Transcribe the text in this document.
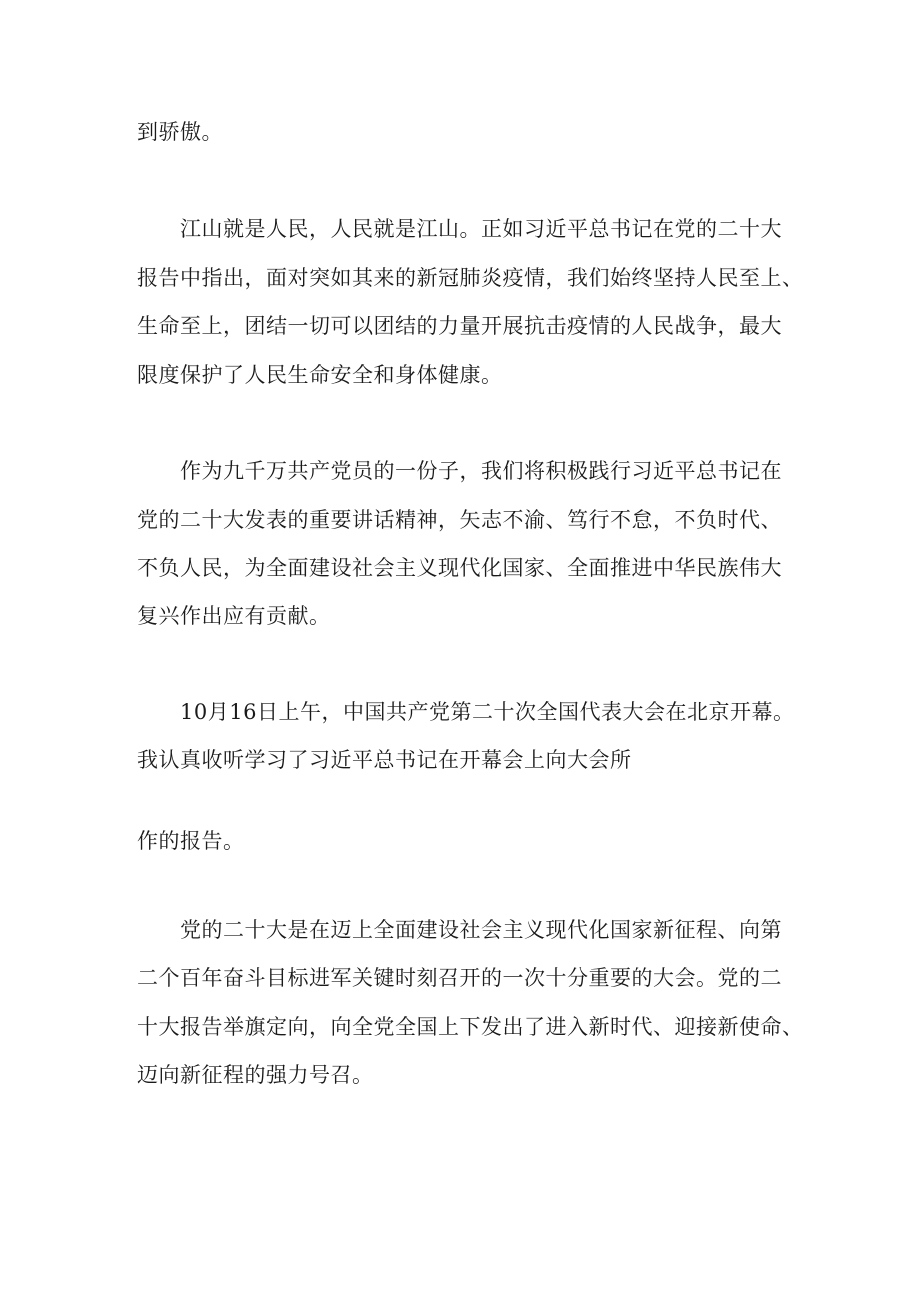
到骄傲。
江山就是人民，人民就是江山。正如习近平总书记在党的二十大
报告中指出，面对突如其来的新冠肺炎疫情，我们始终坚持人民至上、
生命至上，团结一切可以团结的力量开展抗击疫情的人民战争，最大
限度保护了人民生命安全和身体健康。
作为九千万共产党员的一份子，我们将积极践行习近平总书记在
党的二十大发表的重要讲话精神，矢志不渝、笃行不怠，不负时代、
不负人民，为全面建设社会主义现代化国家、全面推进中华民族伟大
复兴作出应有贡献。
10月16日上午，中国共产党第二十次全国代表大会在北京开幕。
我认真收听学习了习近平总书记在开幕会上向大会所
作的报告。
党的二十大是在迈上全面建设社会主义现代化国家新征程、向第
二个百年奋斗目标进军关键时刻召开的一次十分重要的大会。党的二
十大报告举旗定向，向全党全国上下发出了进入新时代、迎接新使命、
迈向新征程的强力号召。
